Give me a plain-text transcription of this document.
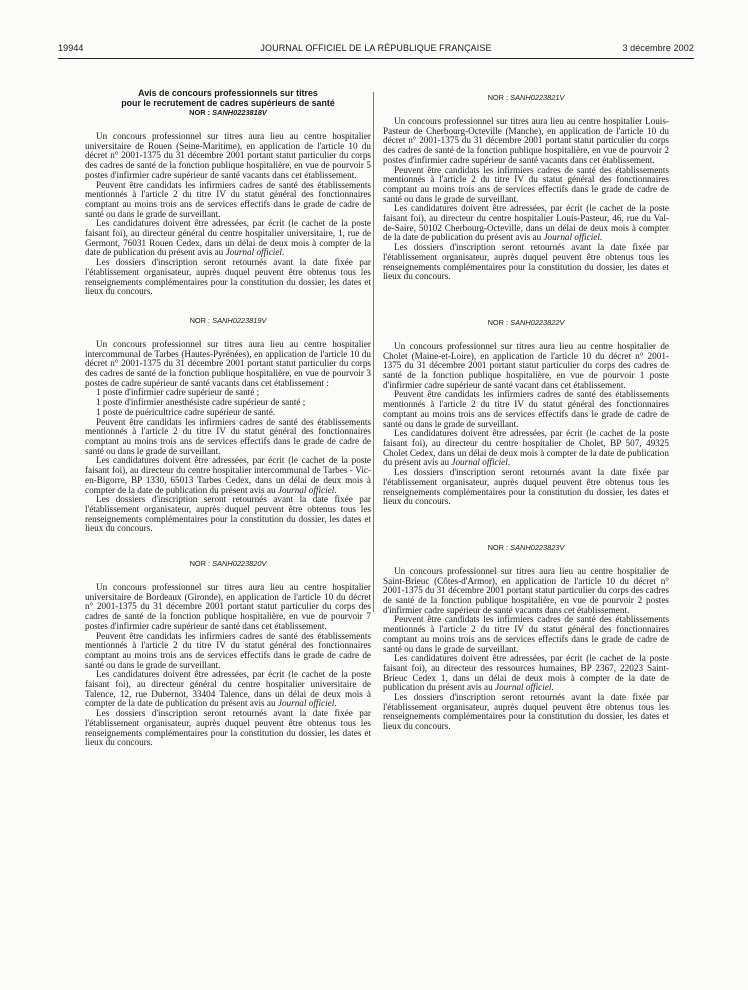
19944	JOURNAL OFFICIEL DE LA RÉPUBLIQUE FRANÇAISE	3 décembre 2002
Avis de concours professionnels sur titres
pour le recrutement de cadres supérieurs de santé
NOR : SANH0223818V

Un concours professionnel sur titres aura lieu au centre hospitalier universitaire de Rouen (Seine-Maritime), en application de l'article 10 du décret n° 2001-1375 du 31 décembre 2001 portant statut particulier du corps des cadres de santé de la fonction publique hospitalière, en vue de pourvoir 5 postes d'infirmier cadre supérieur de santé vacants dans cet établissement.

Peuvent être candidats les infirmiers cadres de santé des établissements mentionnés à l'article 2 du titre IV du statut général des fonctionnaires comptant au moins trois ans de services effectifs dans le grade de cadre de santé ou dans le grade de surveillant.

Les candidatures doivent être adressées, par écrit (le cachet de la poste faisant foi), au directeur général du centre hospitalier universitaire, 1, rue de Germont, 76031 Rouen Cedex, dans un délai de deux mois à compter de la date de publication du présent avis au Journal officiel.

Les dossiers d'inscription seront retournés avant la date fixée par l'établissement organisateur, auprès duquel peuvent être obtenus tous les renseignements complémentaires pour la constitution du dossier, les dates et lieux du concours.

NOR : SANH0223819V

Un concours professionnel sur titres aura lieu au centre hospitalier intercommunal de Tarbes (Hautes-Pyrénées), en application de l'article 10 du décret n° 2001-1375 du 31 décembre 2001 portant statut particulier du corps des cadres de santé de la fonction publique hospitalière, en vue de pourvoir 3 postes de cadre supérieur de santé vacants dans cet établissement :

1 poste d'infirmier cadre supérieur de santé ;
1 poste d'infirmier anesthésiste cadre supérieur de santé ;
1 poste de puéricultrice cadre supérieur de santé.

Peuvent être candidats les infirmiers cadres de santé des établissements mentionnés à l'article 2 du titre IV du statut général des fonctionnaires comptant au moins trois ans de services effectifs dans le grade de cadre de santé ou dans le grade de surveillant.

Les candidatures doivent être adressées, par écrit (le cachet de la poste faisant foi), au directeur du centre hospitalier intercommunal de Tarbes - Vic-en-Bigorre, BP 1330, 65013 Tarbes Cedex, dans un délai de deux mois à compter de la date de publication du présent avis au Journal officiel.

Les dossiers d'inscription seront retournés avant la date fixée par l'établissement organisateur, auprès duquel peuvent être obtenus tous les renseignements complémentaires pour la constitution du dossier, les dates et lieux du concours.

NOR : SANH0223820V

Un concours professionnel sur titres aura lieu au centre hospitalier universitaire de Bordeaux (Gironde), en application de l'article 10 du décret n° 2001-1375 du 31 décembre 2001 portant statut particulier du corps des cadres de santé de la fonction publique hospitalière, en vue de pourvoir 7 postes d'infirmier cadre supérieur de santé dans cet établissement.

Peuvent être candidats les infirmiers cadres de santé des établissements mentionnés à l'article 2 du titre IV du statut général des fonctionnaires comptant au moins trois ans de services effectifs dans le grade de cadre de santé ou dans le grade de surveillant.

Les candidatures doivent être adressées, par écrit (le cachet de la poste faisant foi), au directeur général du centre hospitalier universitaire de Talence, 12, rue Dubernot, 33404 Talence, dans un délai de deux mois à compter de la date de publication du présent avis au Journal officiel.

Les dossiers d'inscription seront retournés avant la date fixée par l'établissement organisateur, auprès duquel peuvent être obtenus tous les renseignements complémentaires pour la constitution du dossier, les dates et lieux du concours.

NOR : SANH0223821V

Un concours professionnel sur titres aura lieu au centre hospitalier Louis-Pasteur de Cherbourg-Octeville (Manche), en application de l'article 10 du décret n° 2001-1375 du 31 décembre 2001 portant statut particulier du corps des cadres de santé de la fonction publique hospitalière, en vue de pourvoir 2 postes d'infirmier cadre supérieur de santé vacants dans cet établissement.

Peuvent être candidats les infirmiers cadres de santé des établissements mentionnés à l'article 2 du titre IV du statut général des fonctionnaires comptant au moins trois ans de services effectifs dans le grade de cadre de santé ou dans le grade de surveillant.

Les candidatures doivent être adressées, par écrit (le cachet de la poste faisant foi), au directeur du centre hospitalier Louis-Pasteur, 46, rue du Val-de-Saire, 50102 Cherbourg-Octeville, dans un délai de deux mois à compter de la date de publication du présent avis au Journal officiel.

Les dossiers d'inscription seront retournés avant la date fixée par l'établissement organisateur, auprès duquel peuvent être obtenus tous les renseignements complémentaires pour la constitution du dossier, les dates et lieux du concours.

NOR : SANH0223822V

Un concours professionnel sur titres aura lieu au centre hospitalier de Cholet (Maine-et-Loire), en application de l'article 10 du décret n° 2001-1375 du 31 décembre 2001 portant statut particulier du corps des cadres de santé de la fonction publique hospitalière, en vue de pourvoir 1 poste d'infirmier cadre supérieur de santé vacant dans cet établissement.

Peuvent être candidats les infirmiers cadres de santé des établissements mentionnés à l'article 2 du titre IV du statut général des fonctionnaires comptant au moins trois ans de services effectifs dans le grade de cadre de santé ou dans le grade de surveillant.

Les candidatures doivent être adressées, par écrit (le cachet de la poste faisant foi), au directeur du centre hospitalier de Cholet, BP 507, 49325 Cholet Cedex, dans un délai de deux mois à compter de la date de publication du présent avis au Journal officiel.

Les dossiers d'inscription seront retournés avant la date fixée par l'établissement organisateur, auprès duquel peuvent être obtenus tous les renseignements complémentaires pour la constitution du dossier, les dates et lieux du concours.

NOR : SANH0223823V

Un concours professionnel sur titres aura lieu au centre hospitalier de Saint-Brieuc (Côtes-d'Armor), en application de l'article 10 du décret n° 2001-1375 du 31 décembre 2001 portant statut particulier du corps des cadres de santé de la fonction publique hospitalière, en vue de pourvoir 2 postes d'infirmier cadre supérieur de santé vacants dans cet établissement.

Peuvent être candidats les infirmiers cadres de santé des établissements mentionnés à l'article 2 du titre IV du statut général des fonctionnaires comptant au moins trois ans de services effectifs dans le grade de cadre de santé ou dans le grade de surveillant.

Les candidatures doivent être adressées, par écrit (le cachet de la poste faisant foi), au directeur des ressources humaines, BP 2367, 22023 Saint-Brieuc Cedex 1, dans un délai de deux mois à compter de la date de publication du présent avis au Journal officiel.

Les dossiers d'inscription seront retournés avant la date fixée par l'établissement organisateur, auprès duquel peuvent être obtenus tous les renseignements complémentaires pour la constitution du dossier, les dates et lieux du concours.
